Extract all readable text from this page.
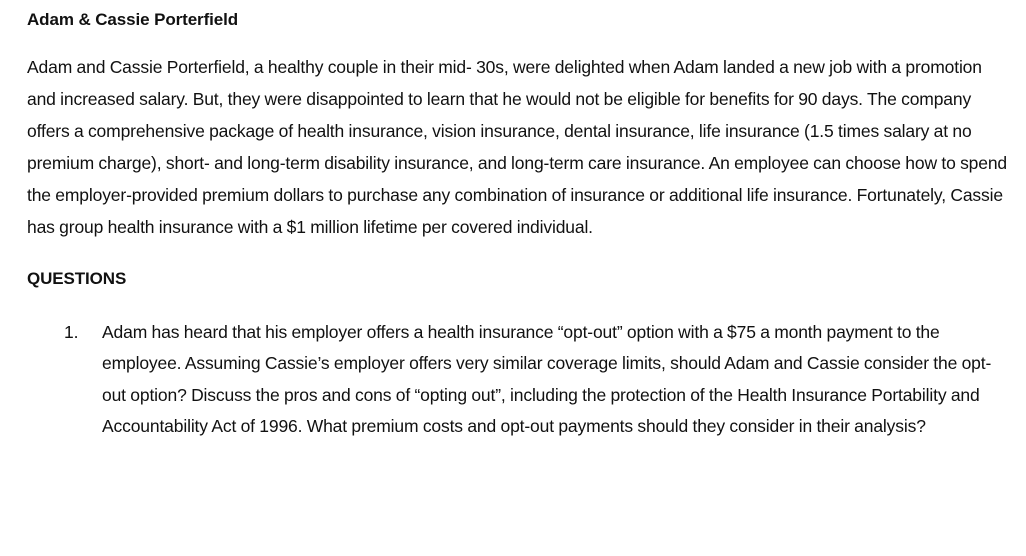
Adam & Cassie Porterfield

Adam and Cassie Porterfield, a healthy couple in their mid- 30s, were delighted when Adam landed a new job with a promotion and increased salary. But, they were disappointed to learn that he would not be eligible for benefits for 90 days. The company offers a comprehensive package of health insurance, vision insurance, dental insurance, life insurance (1.5 times salary at no premium charge), short- and long-term disability insurance, and long-term care insurance. An employee can choose how to spend the employer-provided premium dollars to purchase any combination of insurance or additional life insurance. Fortunately, Cassie has group health insurance with a $1 million lifetime per covered individual.

QUESTIONS
1. Adam has heard that his employer offers a health insurance “opt-out” option with a $75 a month payment to the employee. Assuming Cassie’s employer offers very similar coverage limits, should Adam and Cassie consider the opt-out option? Discuss the pros and cons of “opting out”, including the protection of the Health Insurance Portability and Accountability Act of 1996. What premium costs and opt-out payments should they consider in their analysis?
